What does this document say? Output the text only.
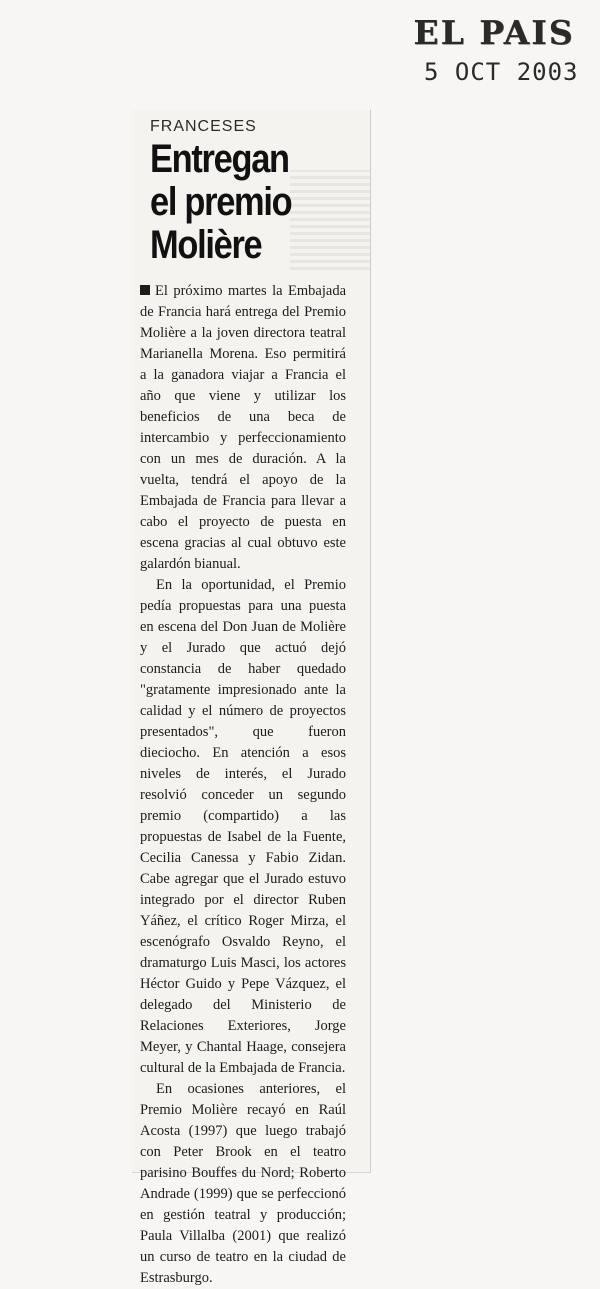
EL PAIS
5 OCT 2003
FRANCESES
Entregan el premio Molière

El próximo martes la Embajada de Francia hará entrega del Premio Molière a la joven directora teatral Marianella Morena. Eso permitirá a la ganadora viajar a Francia el año que viene y utilizar los beneficios de una beca de intercambio y perfeccionamiento con un mes de duración. A la vuelta, tendrá el apoyo de la Embajada de Francia para llevar a cabo el proyecto de puesta en escena gracias al cual obtuvo este galardón bianual.

En la oportunidad, el Premio pedía propuestas para una puesta en escena del Don Juan de Molière y el Jurado que actuó dejó constancia de haber quedado "gratamente impresionado ante la calidad y el número de proyectos presentados", que fueron dieciocho. En atención a esos niveles de interés, el Jurado resolvió conceder un segundo premio (compartido) a las propuestas de Isabel de la Fuente, Cecilia Canessa y Fabio Zidan. Cabe agregar que el Jurado estuvo integrado por el director Ruben Yáñez, el crítico Roger Mirza, el escenógrafo Osvaldo Reyno, el dramaturgo Luis Masci, los actores Héctor Guido y Pepe Vázquez, el delegado del Ministerio de Relaciones Exteriores, Jorge Meyer, y Chantal Haage, consejera cultural de la Embajada de Francia.

En ocasiones anteriores, el Premio Molière recayó en Raúl Acosta (1997) que luego trabajó con Peter Brook en el teatro parisino Bouffes du Nord; Roberto Andrade (1999) que se perfeccionó en gestión teatral y producción; Paula Villalba (2001) que realizó un curso de teatro en la ciudad de Estrasburgo.
